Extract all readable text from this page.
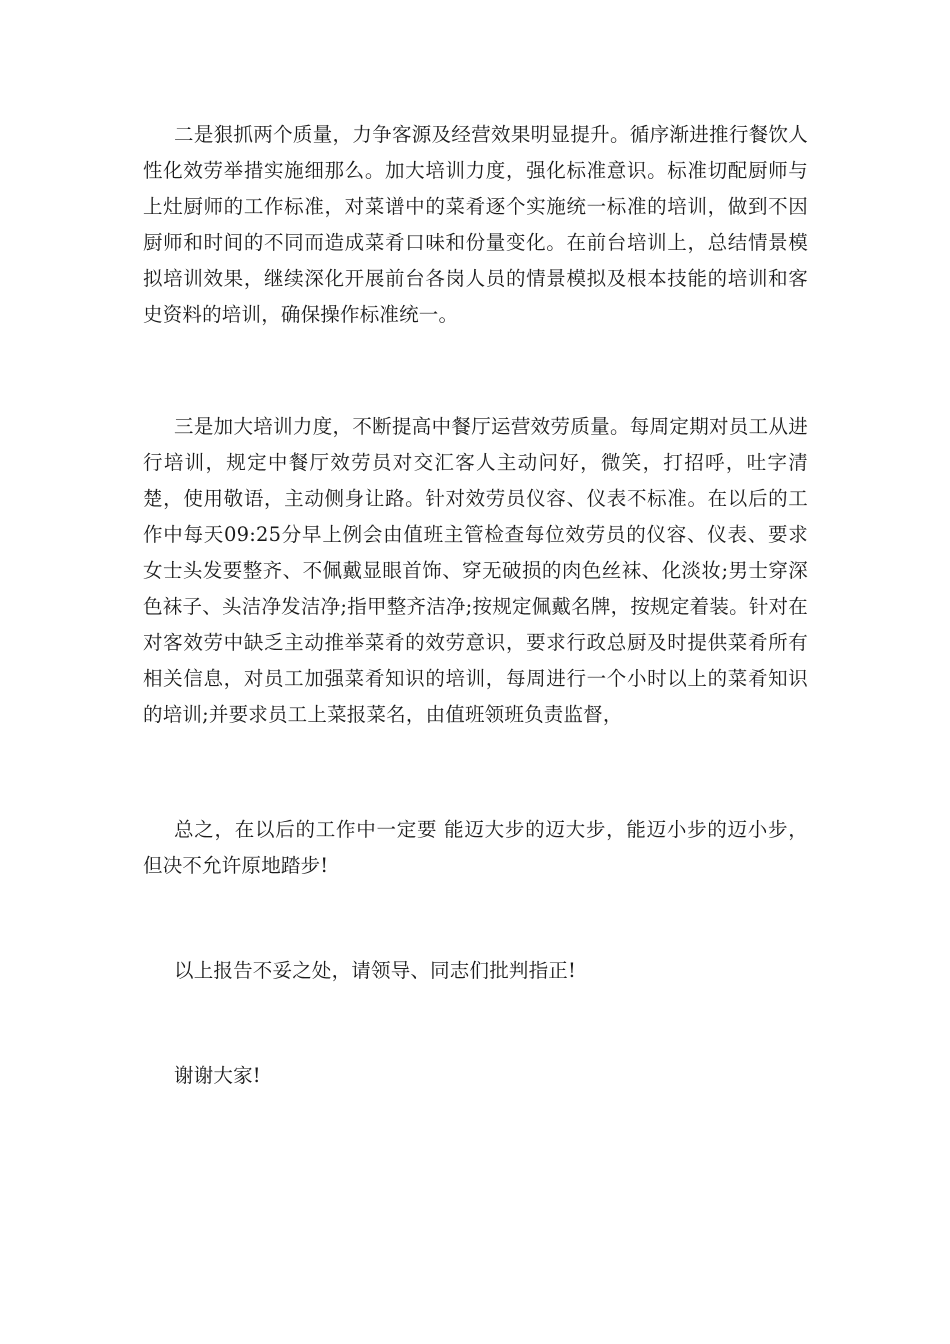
二是狠抓两个质量，力争客源及经营效果明显提升。循序渐进推行餐饮人性化效劳举措实施细那么。加大培训力度，强化标准意识。标准切配厨师与上灶厨师的工作标准，对菜谱中的菜肴逐个实施统一标准的培训，做到不因厨师和时间的不同而造成菜肴口味和份量变化。在前台培训上，总结情景模拟培训效果，继续深化开展前台各岗人员的情景模拟及根本技能的培训和客史资料的培训，确保操作标准统一。

三是加大培训力度，不断提高中餐厅运营效劳质量。每周定期对员工从进行培训，规定中餐厅效劳员对交汇客人主动问好，微笑，打招呼，吐字清楚，使用敬语，主动侧身让路。针对效劳员仪容、仪表不标准。在以后的工作中每天09:25分早上例会由值班主管检查每位效劳员的仪容、仪表、要求女士头发要整齐、不佩戴显眼首饰、穿无破损的肉色丝袜、化淡妆;男士穿深色袜子、头洁净发洁净;指甲整齐洁净;按规定佩戴名牌，按规定着装。针对在对客效劳中缺乏主动推举菜肴的效劳意识，要求行政总厨及时提供菜肴所有相关信息，对员工加强菜肴知识的培训，每周进行一个小时以上的菜肴知识的培训;并要求员工上菜报菜名，由值班领班负责监督，

总之，在以后的工作中一定要 能迈大步的迈大步，能迈小步的迈小步，但决不允许原地踏步!

以上报告不妥之处，请领导、同志们批判指正!

谢谢大家!
